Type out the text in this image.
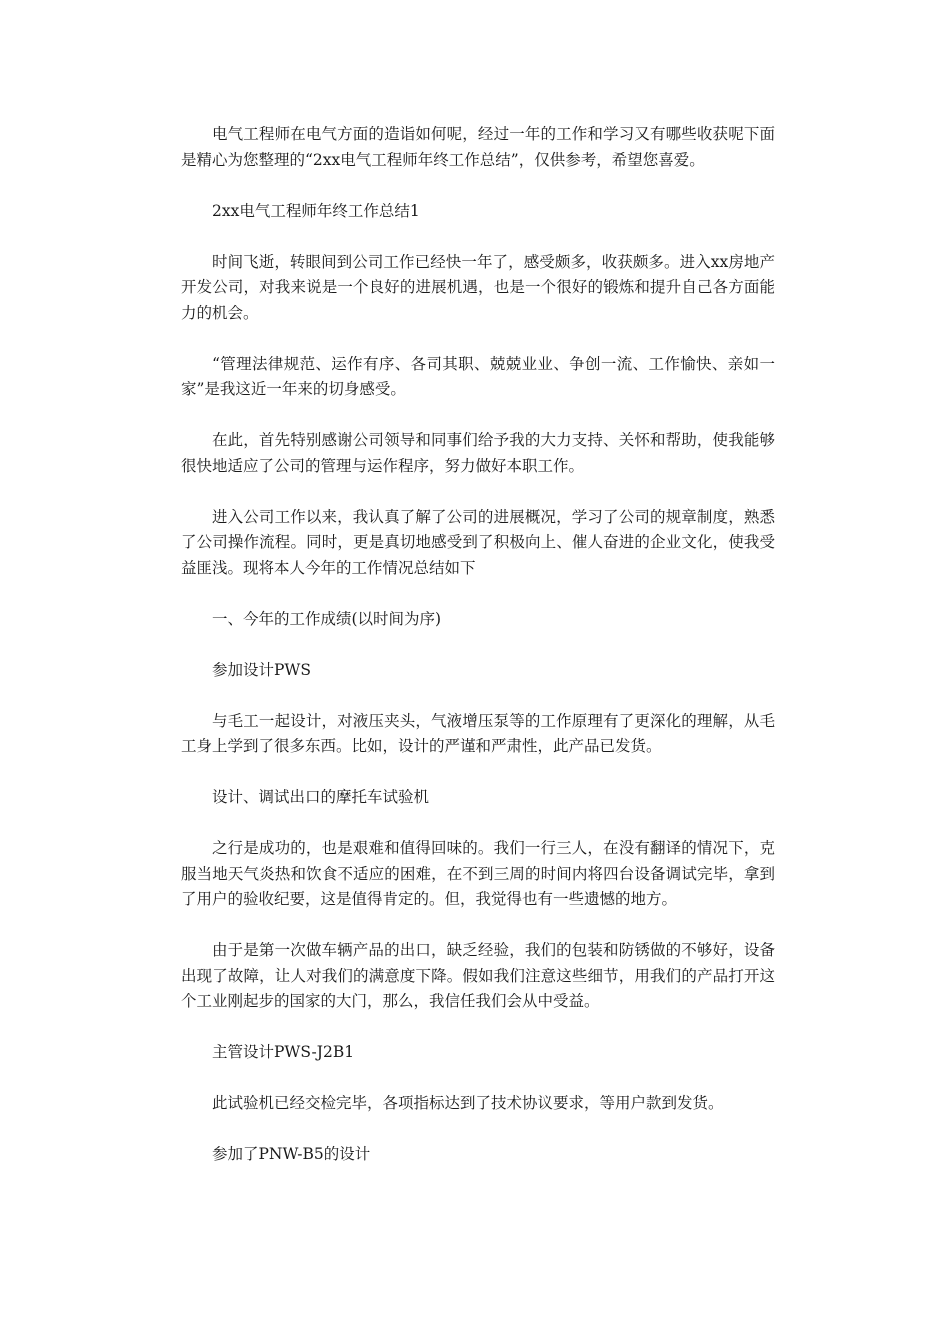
电气工程师在电气方面的造诣如何呢，经过一年的工作和学习又有哪些收获呢下面是精心为您整理的“2xx电气工程师年终工作总结”，仅供参考，希望您喜爱。

2xx电气工程师年终工作总结1

时间飞逝，转眼间到公司工作已经快一年了，感受颇多，收获颇多。进入xx房地产开发公司，对我来说是一个良好的进展机遇，也是一个很好的锻炼和提升自己各方面能力的机会。

“管理法律规范、运作有序、各司其职、兢兢业业、争创一流、工作愉快、亲如一家”是我这近一年来的切身感受。

在此，首先特别感谢公司领导和同事们给予我的大力支持、关怀和帮助，使我能够很快地适应了公司的管理与运作程序，努力做好本职工作。

进入公司工作以来，我认真了解了公司的进展概况，学习了公司的规章制度，熟悉了公司操作流程。同时，更是真切地感受到了积极向上、催人奋进的企业文化，使我受益匪浅。现将本人今年的工作情况总结如下

一、今年的工作成绩(以时间为序)

参加设计PWS

与毛工一起设计，对液压夹头，气液增压泵等的工作原理有了更深化的理解，从毛工身上学到了很多东西。比如，设计的严谨和严肃性，此产品已发货。

设计、调试出口的摩托车试验机

之行是成功的，也是艰难和值得回味的。我们一行三人，在没有翻译的情况下，克服当地天气炎热和饮食不适应的困难，在不到三周的时间内将四台设备调试完毕，拿到了用户的验收纪要，这是值得肯定的。但，我觉得也有一些遗憾的地方。

由于是第一次做车辆产品的出口，缺乏经验，我们的包装和防锈做的不够好，设备出现了故障，让人对我们的满意度下降。假如我们注意这些细节，用我们的产品打开这个工业刚起步的国家的大门，那么，我信任我们会从中受益。

主管设计PWS-J2B1

此试验机已经交检完毕，各项指标达到了技术协议要求，等用户款到发货。

参加了PNW-B5的设计
